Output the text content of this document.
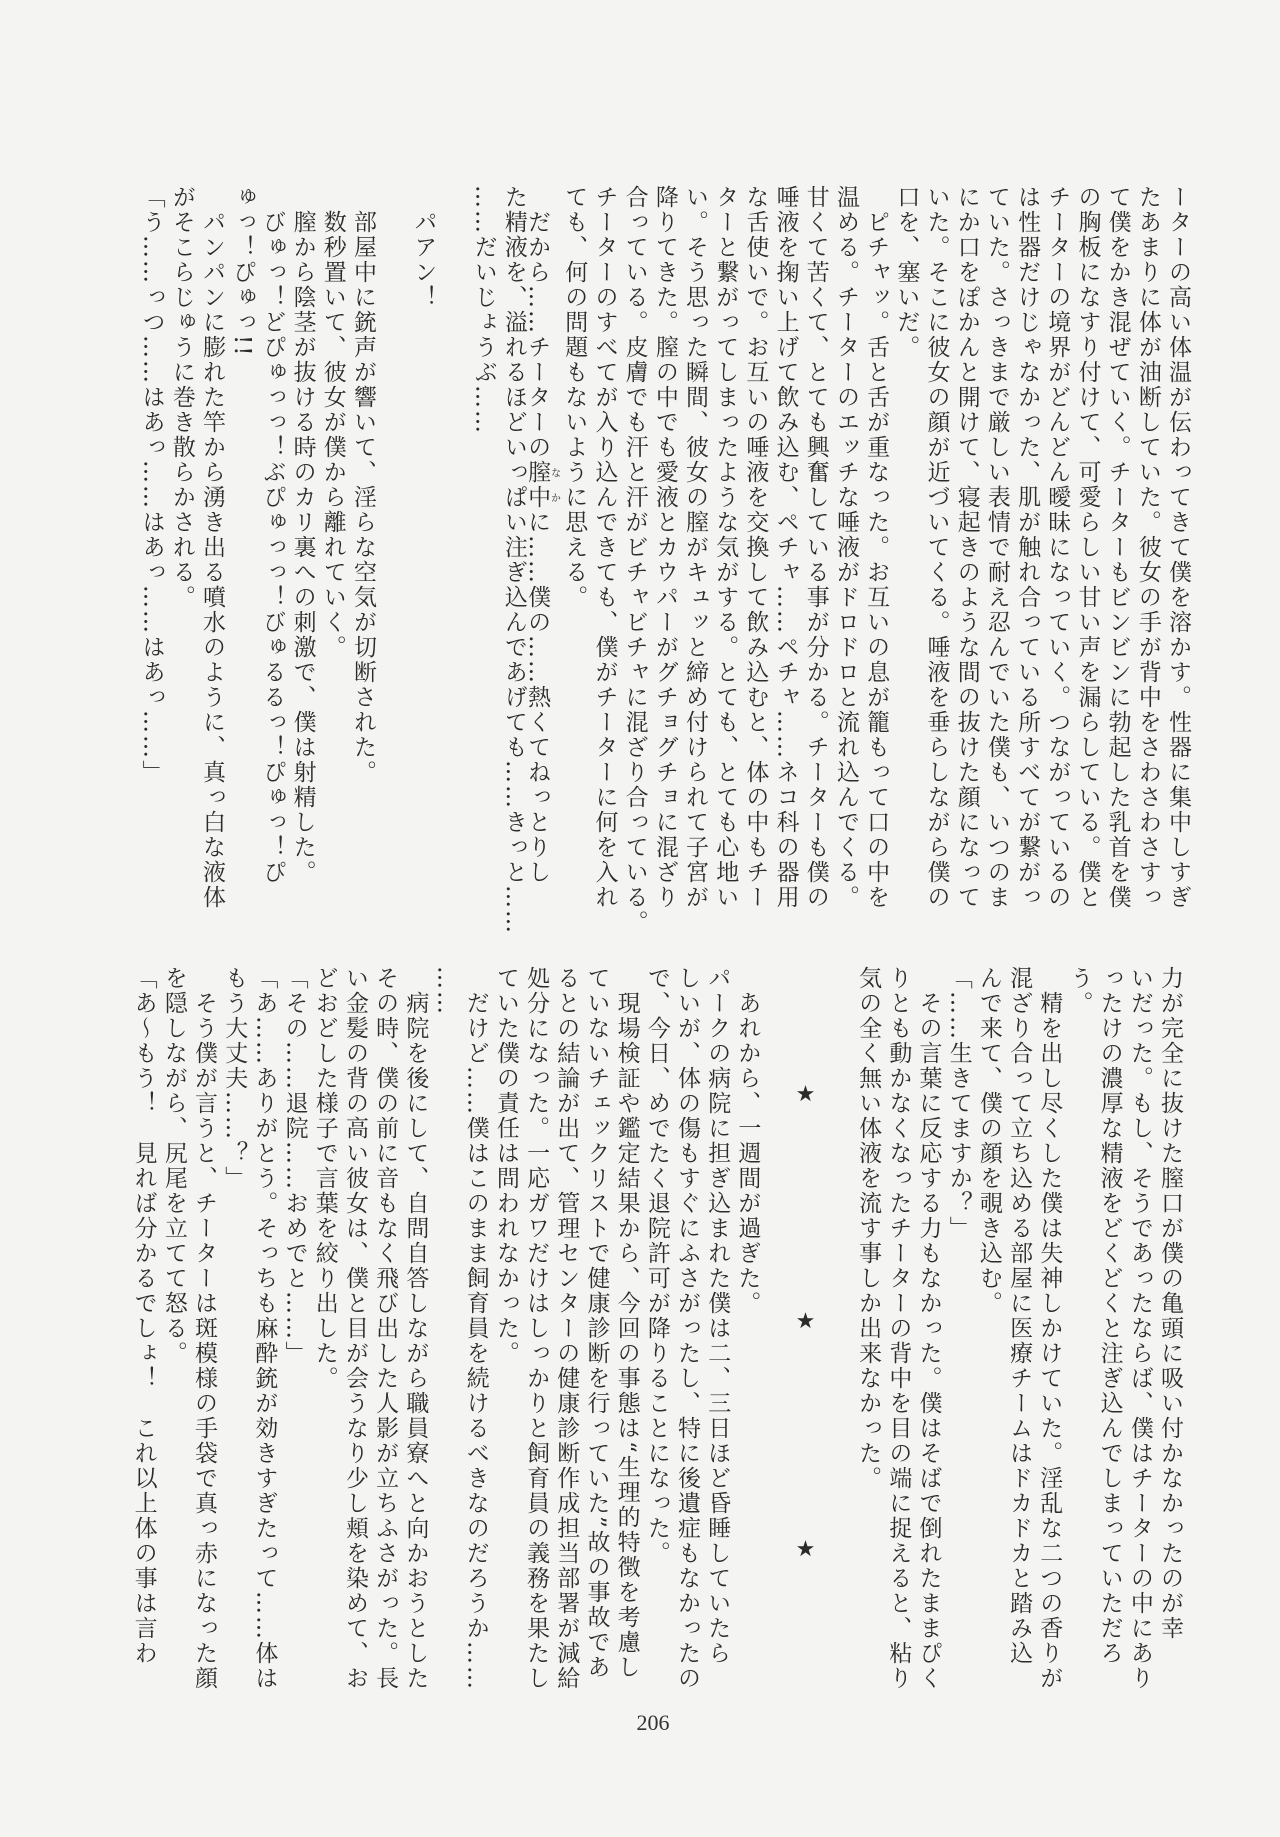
ーターの高い体温が伝わってきて僕を溶かす。性器に集中しすぎ
たあまりに体が油断していた。彼女の手が背中をさわさわさすっ
て僕をかき混ぜていく。チーターもビンビンに勃起した乳首を僕
の胸板になすり付けて、可愛らしい甘い声を漏らしている。僕と
チーターの境界がどんどん曖昧になっていく。つながっているの
は性器だけじゃなかった、肌が触れ合っている所すべてが繋がっ
ていた。さっきまで厳しい表情で耐え忍んでいた僕も、いつのま
にか口をぽかんと開けて、寝起きのような間の抜けた顔になって
いた。そこに彼女の顔が近づいてくる。唾液を垂らしながら僕の
口を、塞いだ。
　ピチャッ。舌と舌が重なった。お互いの息が籠もって口の中を
温める。チーターのエッチな唾液がドロドロと流れ込んでくる。
甘くて苦くて、とても興奮している事が分かる。チーターも僕の
唾液を掬い上げて飲み込む、ペチャ……ペチャ……ネコ科の器用
な舌使いで。お互いの唾液を交換して飲み込むと、体の中もチー
ターと繋がってしまったような気がする。とても、とても心地い
い。そう思った瞬間、彼女の膣がキュッと締め付けられて子宮が
降りてきた。膣の中でも愛液とカウパーがグチョグチョに混ざり
合っている。皮膚でも汗と汗がビチャビチャに混ざり合っている。
チーターのすべてが入り込んできても、僕がチーターに何を入れ
ても、何の問題もないように思える。
　だから……チーターの膣中なかに……僕の……熱くてねっとりし
た精液を、溢れるほどいっぱい注ぎ込んであげても……きっと……
……だいじょうぶ……
　パアン！
　部屋中に銃声が響いて、淫らな空気が切断された。
　数秒置いて、彼女が僕から離れていく。
　膣から陰茎が抜ける時のカリ裏への刺激で、僕は射精した。
　びゅっ！どぴゅっっ！ぶぴゅっっ！びゅるるっ！ぴゅっ！ぴ
ゅっ！ぴゅっ!!
　パンパンに膨れた竿から湧き出る噴水のように、真っ白な液体
がそこらじゅうに巻き散らかされる。
「う……っつ……はあっ……はあっ……はあっ……」
力が完全に抜けた膣口が僕の亀頭に吸い付かなかったのが幸
いだった。もし、そうであったならば、僕はチーターの中にあり
ったけの濃厚な精液をどくどくと注ぎ込んでしまっていただろ
う。
　精を出し尽くした僕は失神しかけていた。淫乱な二つの香りが
混ざり合って立ち込める部屋に医療チームはドカドカと踏み込
んで来て、僕の顔を覗き込む。
「……生きてますか？」
　その言葉に反応する力もなかった。僕はそばで倒れたままぴく
りとも動かなくなったチーターの背中を目の端に捉えると、粘り
気の全く無い体液を流す事しか出来なかった。
★
★
★
　あれから、一週間が過ぎた。
パークの病院に担ぎ込まれた僕は二、三日ほど昏睡していたら
しいが、体の傷もすぐにふさがったし、特に後遺症もなかったの
で、今日、めでたく退院許可が降りることになった。
　現場検証や鑑定結果から、今回の事態は“生理的特徴を考慮し
ていないチェックリストで健康診断を行っていた”故の事故であ
るとの結論が出て、管理センターの健康診断作成担当部署が減給
処分になった。一応ガワだけはしっかりと飼育員の義務を果たし
ていた僕の責任は問われなかった。
　だけど……僕はこのまま飼育員を続けるべきなのだろうか……
……
　病院を後にして、自問自答しながら職員寮へと向かおうとした
その時、僕の前に音もなく飛び出した人影が立ちふさがった。長
い金髪の背の高い彼女は、僕と目が会うなり少し頬を染めて、お
どおどした様子で言葉を絞り出した。
「その……退院……おめでと……」
「あ……ありがとう。そっちも麻酔銃が効きすぎたって……体は
もう大丈夫……？」
　そう僕が言うと、チーターは斑模様の手袋で真っ赤になった顔
を隠しながら、尻尾を立てて怒る。
「あ～もう！　見れば分かるでしょ！　これ以上体の事は言わ
206
